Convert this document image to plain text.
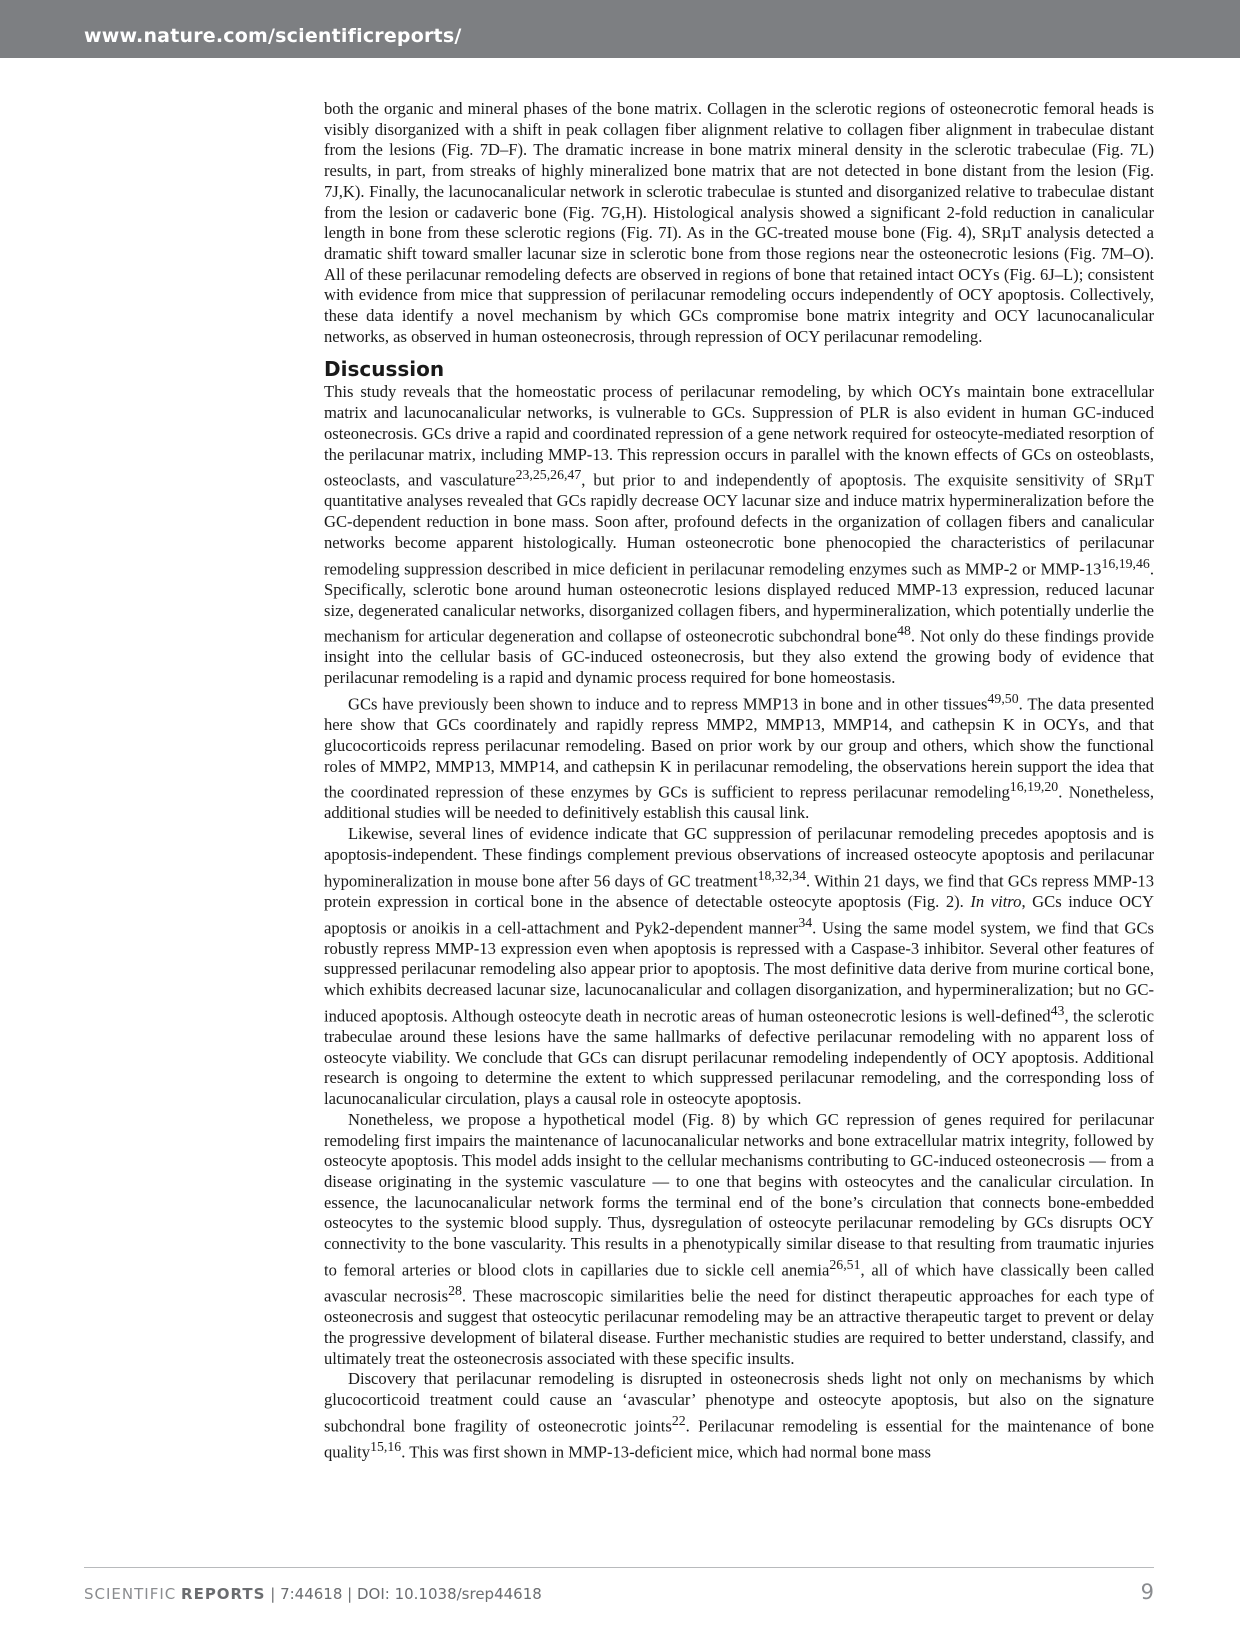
www.nature.com/scientificreports/

both the organic and mineral phases of the bone matrix. Collagen in the sclerotic regions of osteonecrotic femoral heads is visibly disorganized with a shift in peak collagen fiber alignment relative to collagen fiber alignment in trabeculae distant from the lesions (Fig. 7D–F). The dramatic increase in bone matrix mineral density in the sclerotic trabeculae (Fig. 7L) results, in part, from streaks of highly mineralized bone matrix that are not detected in bone distant from the lesion (Fig. 7J,K). Finally, the lacunocanalicular network in sclerotic trabeculae is stunted and disorganized relative to trabeculae distant from the lesion or cadaveric bone (Fig. 7G,H). Histological analysis showed a significant 2-fold reduction in canalicular length in bone from these sclerotic regions (Fig. 7I). As in the GC-treated mouse bone (Fig. 4), SRµT analysis detected a dramatic shift toward smaller lacunar size in sclerotic bone from those regions near the osteonecrotic lesions (Fig. 7M–O). All of these perilacunar remodeling defects are observed in regions of bone that retained intact OCYs (Fig. 6J–L); consistent with evidence from mice that suppression of perilacunar remodeling occurs independently of OCY apoptosis. Collectively, these data identify a novel mechanism by which GCs compromise bone matrix integrity and OCY lacunocanalicular networks, as observed in human osteonecrosis, through repression of OCY perilacunar remodeling.

Discussion

This study reveals that the homeostatic process of perilacunar remodeling, by which OCYs maintain bone extracellular matrix and lacunocanalicular networks, is vulnerable to GCs. Suppression of PLR is also evident in human GC-induced osteonecrosis. GCs drive a rapid and coordinated repression of a gene network required for osteocyte-mediated resorption of the perilacunar matrix, including MMP-13. This repression occurs in parallel with the known effects of GCs on osteoblasts, osteoclasts, and vasculature$^{23,25,26,47}$, but prior to and independently of apoptosis. The exquisite sensitivity of SRµT quantitative analyses revealed that GCs rapidly decrease OCY lacunar size and induce matrix hypermineralization before the GC-dependent reduction in bone mass. Soon after, profound defects in the organization of collagen fibers and canalicular networks become apparent histologically. Human osteonecrotic bone phenocopied the characteristics of perilacunar remodeling suppression described in mice deficient in perilacunar remodeling enzymes such as MMP-2 or MMP-13$^{16,19,46}$. Specifically, sclerotic bone around human osteonecrotic lesions displayed reduced MMP-13 expression, reduced lacunar size, degenerated canalicular networks, disorganized collagen fibers, and hypermineralization, which potentially underlie the mechanism for articular degeneration and collapse of osteonecrotic subchondral bone$^{48}$. Not only do these findings provide insight into the cellular basis of GC-induced osteonecrosis, but they also extend the growing body of evidence that perilacunar remodeling is a rapid and dynamic process required for bone homeostasis.

GCs have previously been shown to induce and to repress MMP13 in bone and in other tissues$^{49,50}$. The data presented here show that GCs coordinately and rapidly repress MMP2, MMP13, MMP14, and cathepsin K in OCYs, and that glucocorticoids repress perilacunar remodeling. Based on prior work by our group and others, which show the functional roles of MMP2, MMP13, MMP14, and cathepsin K in perilacunar remodeling, the observations herein support the idea that the coordinated repression of these enzymes by GCs is sufficient to repress perilacunar remodeling$^{16,19,20}$. Nonetheless, additional studies will be needed to definitively establish this causal link.

Likewise, several lines of evidence indicate that GC suppression of perilacunar remodeling precedes apoptosis and is apoptosis-independent. These findings complement previous observations of increased osteocyte apoptosis and perilacunar hypomineralization in mouse bone after 56 days of GC treatment$^{18,32,34}$. Within 21 days, we find that GCs repress MMP-13 protein expression in cortical bone in the absence of detectable osteocyte apoptosis (Fig. 2). In vitro, GCs induce OCY apoptosis or anoikis in a cell-attachment and Pyk2-dependent manner$^{34}$. Using the same model system, we find that GCs robustly repress MMP-13 expression even when apoptosis is repressed with a Caspase-3 inhibitor. Several other features of suppressed perilacunar remodeling also appear prior to apoptosis. The most definitive data derive from murine cortical bone, which exhibits decreased lacunar size, lacunocanalicular and collagen disorganization, and hypermineralization; but no GC-induced apoptosis. Although osteocyte death in necrotic areas of human osteonecrotic lesions is well-defined$^{43}$, the sclerotic trabeculae around these lesions have the same hallmarks of defective perilacunar remodeling with no apparent loss of osteocyte viability. We conclude that GCs can disrupt perilacunar remodeling independently of OCY apoptosis. Additional research is ongoing to determine the extent to which suppressed perilacunar remodeling, and the corresponding loss of lacunocanalicular circulation, plays a causal role in osteocyte apoptosis.

Nonetheless, we propose a hypothetical model (Fig. 8) by which GC repression of genes required for perilacunar remodeling first impairs the maintenance of lacunocanalicular networks and bone extracellular matrix integrity, followed by osteocyte apoptosis. This model adds insight to the cellular mechanisms contributing to GC-induced osteonecrosis — from a disease originating in the systemic vasculature — to one that begins with osteocytes and the canalicular circulation. In essence, the lacunocanalicular network forms the terminal end of the bone’s circulation that connects bone-embedded osteocytes to the systemic blood supply. Thus, dysregulation of osteocyte perilacunar remodeling by GCs disrupts OCY connectivity to the bone vascularity. This results in a phenotypically similar disease to that resulting from traumatic injuries to femoral arteries or blood clots in capillaries due to sickle cell anemia$^{26,51}$, all of which have classically been called avascular necrosis$^{28}$. These macroscopic similarities belie the need for distinct therapeutic approaches for each type of osteonecrosis and suggest that osteocytic perilacunar remodeling may be an attractive therapeutic target to prevent or delay the progressive development of bilateral disease. Further mechanistic studies are required to better understand, classify, and ultimately treat the osteonecrosis associated with these specific insults.

Discovery that perilacunar remodeling is disrupted in osteonecrosis sheds light not only on mechanisms by which glucocorticoid treatment could cause an ‘avascular’ phenotype and osteocyte apoptosis, but also on the signature subchondral bone fragility of osteonecrotic joints$^{22}$. Perilacunar remodeling is essential for the maintenance of bone quality$^{15,16}$. This was first shown in MMP-13-deficient mice, which had normal bone mass

SCIENTIFIC REPORTS | 7:44618 | DOI: 10.1038/srep44618	9
